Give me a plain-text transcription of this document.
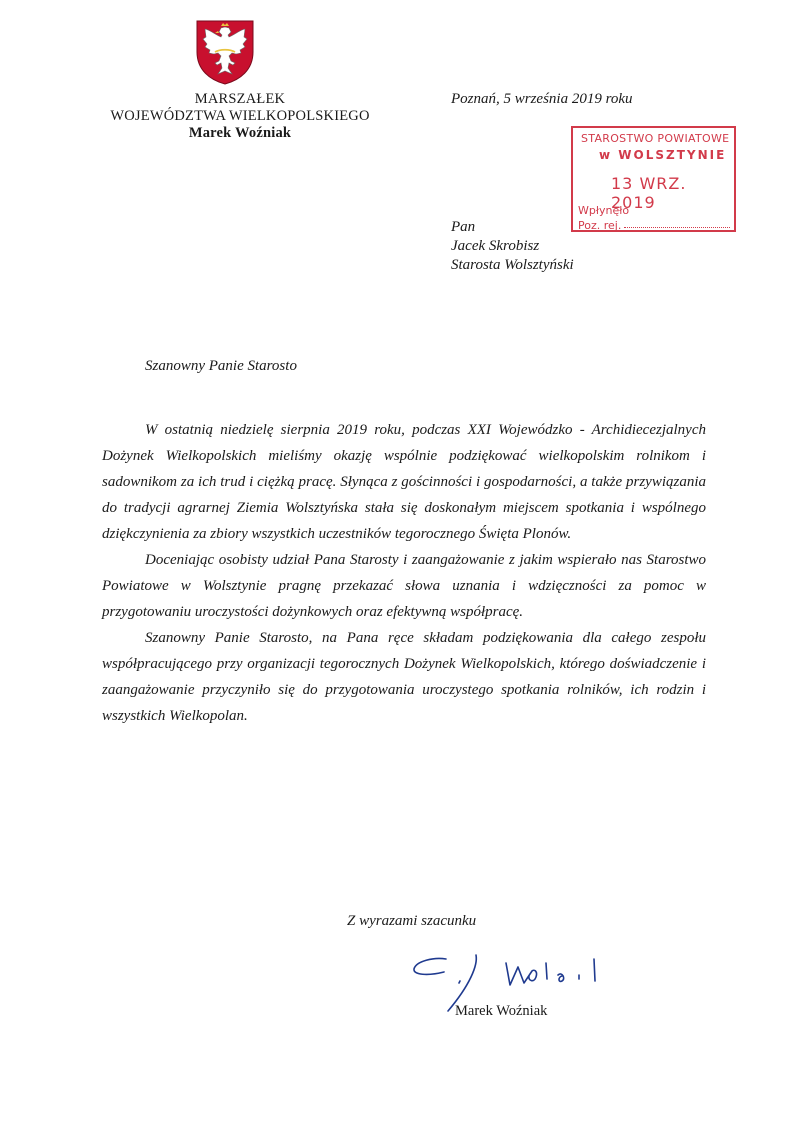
MARSZAŁEK
WOJEWÓDZTWA WIELKOPOLSKIEGO
Marek Woźniak
Poznań, 5 września 2019 roku
STAROSTWO POWIATOWE
w WOLSZTYNIE
13 WRZ. 2019
Wpłynęło
Poz. rej.
Pan
Jacek Skrobisz
Starosta Wolsztyński
Szanowny Panie Starosto

W ostatnią niedzielę sierpnia 2019 roku, podczas XXI Wojewódzko - Archidiecezjalnych Dożynek Wielkopolskich mieliśmy okazję wspólnie podziękować wielkopolskim rolnikom i sadownikom za ich trud i ciężką pracę. Słynąca z gościnności i gospodarności, a także przywiązania do tradycji agrarnej Ziemia Wolsztyńska stała się doskonałym miejscem spotkania i wspólnego dziękczynienia za zbiory wszystkich uczestników tegorocznego Święta Plonów.

Doceniając osobisty udział Pana Starosty i zaangażowanie z jakim wspierało nas Starostwo Powiatowe w Wolsztynie pragnę przekazać słowa uznania i wdzięczności za pomoc w przygotowaniu uroczystości dożynkowych oraz efektywną współpracę.

Szanowny Panie Starosto, na Pana ręce składam podziękowania dla całego zespołu współpracującego przy organizacji tegorocznych Dożynek Wielkopolskich, którego doświadczenie i zaangażowanie przyczyniło się do przygotowania uroczystego spotkania rolników, ich rodzin i wszystkich Wielkopolan.

Z wyrazami szacunku
Marek Woźniak
